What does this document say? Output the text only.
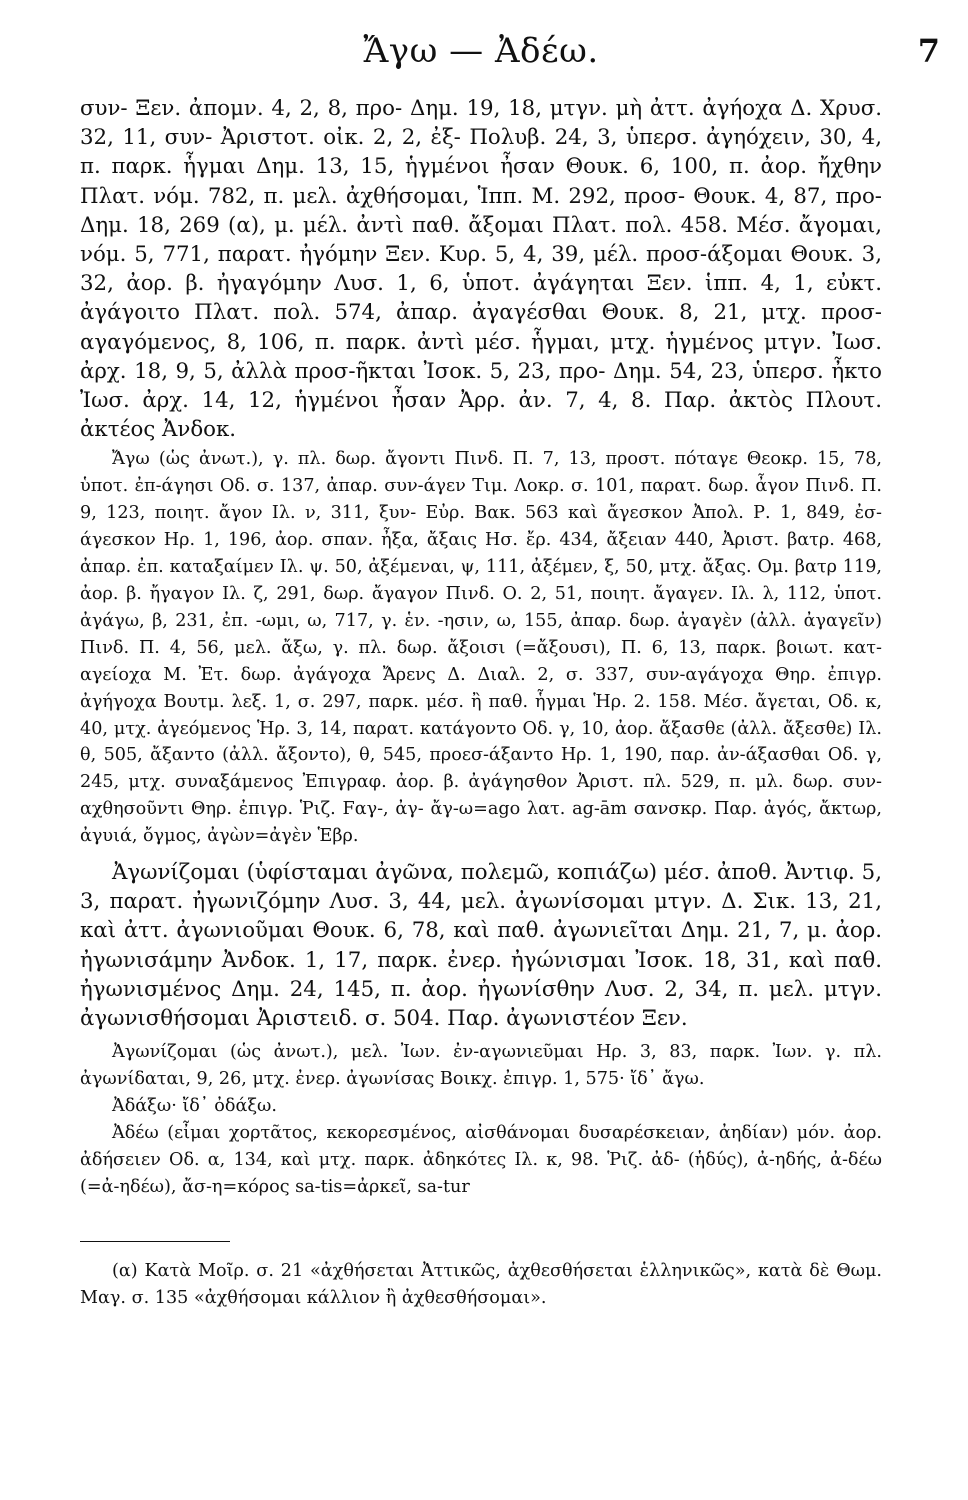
Ἄγω — Ἀδέω.	7

συν- Ξεν. ἀπομν. 4, 2, 8, προ- Δημ. 19, 18, μτγν. μὴ ἀττ. ἀγήοχα Δ. Χρυσ. 32, 11, συν- Ἀριστοτ. οἰκ. 2, 2, ἐξ- Πολυβ. 24, 3, ὑπερσ. ἀγηόχειν, 30, 4, π. παρκ. ἧγμαι Δημ. 13, 15, ἡγμένοι ἦσαν Θουκ. 6, 100, π. ἀορ. ἤχθην Πλατ. νόμ. 782, π. μελ. ἀχθήσομαι, Ἱππ. Μ. 292, προσ- Θουκ. 4, 87, προ- Δημ. 18, 269 (α), μ. μέλ. ἀντὶ παθ. ἄξομαι Πλατ. πολ. 458. Μέσ. ἄγομαι, νόμ. 5, 771, παρατ. ἠγόμην Ξεν. Κυρ. 5, 4, 39, μέλ. προσ-άξομαι Θουκ. 3, 32, ἀορ. β. ἠγαγόμην Λυσ. 1, 6, ὑποτ. ἀγάγηται Ξεν. ἱππ. 4, 1, εὐκτ. ἀγάγοιτο Πλατ. πολ. 574, ἀπαρ. ἀγαγέσθαι Θουκ. 8, 21, μτχ. προσ-αγαγόμενος, 8, 106, π. παρκ. ἀντὶ μέσ. ἧγμαι, μτχ. ἡγμένος μτγν. Ἰωσ. ἀρχ. 18, 9, 5, ἀλλὰ προσ-ῆκται Ἰσοκ. 5, 23, προ- Δημ. 54, 23, ὑπερσ. ἦκτο Ἰωσ. ἀρχ. 14, 12, ἡγμένοι ἦσαν Ἀρρ. ἀν. 7, 4, 8. Παρ. ἀκτὸς Πλουτ. ἀκτέος Ἀνδοκ.

Ἄγω (ὡς ἀνωτ.), γ. πλ. δωρ. ἄγοντι Πινδ. Π. 7, 13, προστ. πόταγε Θεοκρ. 15, 78, ὑποτ. ἐπ-άγησι Οδ. σ. 137, ἀπαρ. συν-άγεν Τιμ. Λοκρ. σ. 101, παρατ. δωρ. ἆγον Πινδ. Π. 9, 123, ποιητ. ἄγον Ιλ. ν, 311, ξυν- Εὐρ. Βακ. 563 καὶ ἄγεσκον Ἀπολ. Ρ. 1, 849, ἐσ-άγεσκον Ηρ. 1, 196, ἀορ. σπαν. ἦξα, ἄξαις Ησ. ἔρ. 434, ἄξειαν 440, Ἀριστ. βατρ. 468, ἀπαρ. ἐπ. καταξαίμεν Ιλ. ψ. 50, ἀξέμεναι, ψ, 111, ἀξέμεν, ξ, 50, μτχ. ἄξας. Ομ. βατρ 119, ἀορ. β. ἤγαγον Ιλ. ζ, 291, δωρ. ἄγαγον Πινδ. Ο. 2, 51, ποιητ. ἄγαγεν. Ιλ. λ, 112, ὑποτ. ἀγάγω, β, 231, ἐπ. -ωμι, ω, 717, γ. ἑν. -ησιν, ω, 155, ἀπαρ. δωρ. ἀγαγὲν (ἀλλ. ἀγαγεῖν) Πινδ. Π. 4, 56, μελ. ἄξω, γ. πλ. δωρ. ἄξοισι (=ἄξουσι), Π. 6, 13, παρκ. βοιωτ. κατ-αγείοχα Μ. Ἐτ. δωρ. ἀγάγοχα Ἄρενς Δ. Διαλ. 2, σ. 337, συν-αγάγοχα Θηρ. ἐπιγρ. ἀγήγοχα Βουτμ. λεξ. 1, σ. 297, παρκ. μέσ. ἢ παθ. ἧγμαι Ἡρ. 2. 158. Μέσ. ἄγεται, Οδ. κ, 40, μτχ. ἀγεόμενος Ἡρ. 3, 14, παρατ. κατάγοντο Οδ. γ, 10, ἀορ. ἄξασθε (ἀλλ. ἄξεσθε) Ιλ. θ, 505, ἄξαντο (ἀλλ. ἄξοντο), θ, 545, προεσ-άξαντο Ηρ. 1, 190, παρ. ἀν-άξασθαι Οδ. γ, 245, μτχ. συναξάμενος Ἐπιγραφ. ἀορ. β. ἀγάγησθον Ἀριστ. πλ. 529, π. μλ. δωρ. συν-αχθησοῦντι Θηρ. ἐπιγρ. Ῥιζ. Fαγ-, ἀγ- ἄγ-ω=ago λατ. ag-ām σανσκρ. Παρ. ἀγός, ἄκτωρ, ἀγυιά, ὄγμος, ἀγὼν=ἀγὲν Ἑβρ.

Ἀγωνίζομαι (ὑφίσταμαι ἀγῶνα, πολεμῶ, κοπιάζω) μέσ. ἀποθ. Ἀντιφ. 5, 3, παρατ. ἠγωνιζόμην Λυσ. 3, 44, μελ. ἀγωνίσομαι μτγν. Δ. Σικ. 13, 21, καὶ ἀττ. ἀγωνιοῦμαι Θουκ. 6, 78, καὶ παθ. ἀγωνιεῖται Δημ. 21, 7, μ. ἀορ. ἠγωνισάμην Ἀνδοκ. 1, 17, παρκ. ἐνερ. ἠγώνισμαι Ἰσοκ. 18, 31, καὶ παθ. ἠγωνισμένος Δημ. 24, 145, π. ἀορ. ἠγωνίσθην Λυσ. 2, 34, π. μελ. μτγν. ἀγωνισθήσομαι Ἀριστειδ. σ. 504. Παρ. ἀγωνιστέον Ξεν.

Ἀγωνίζομαι (ὡς ἀνωτ.), μελ. Ἰων. ἐν-αγωνιεῦμαι Ηρ. 3, 83, παρκ. Ἰων. γ. πλ. ἀγωνίδαται, 9, 26, μτχ. ἐνερ. ἀγωνίσας Βοικχ. ἐπιγρ. 1, 575· ἴδ᾽ ἄγω.

Ἀδάξω· ἴδ᾽ ὀδάξω.

Ἀδέω (εἶμαι χορτᾶτος, κεκορεσμένος, αἰσθάνομαι δυσαρέσκειαν, ἀηδίαν) μόν. ἀορ. ἀδήσειεν Οδ. α, 134, καὶ μτχ. παρκ. ἀδηκότες Ιλ. κ, 98. Ῥιζ. ἀδ- (ἡδύς), ἀ-ηδής, ἀ-δέω (=ἀ-ηδέω), ἄσ-η=κόρος sa-tis=ἀρκεῖ, sa-tur

(α) Κατὰ Μοῖρ. σ. 21 «ἀχθήσεται Ἀττικῶς, ἀχθεσθήσεται ἑλληνικῶς», κατὰ δὲ Θωμ. Μαγ. σ. 135 «ἀχθήσομαι κάλλιον ἢ ἀχθεσθήσομαι».
